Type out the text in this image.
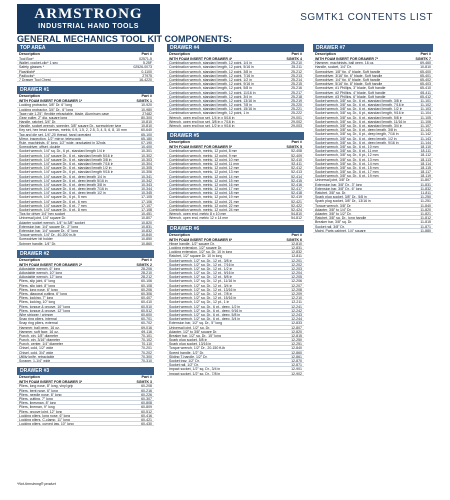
ARMSTRONG
INDUSTRIAL HAND TOOLS
SGMTK1 CONTENTS LIST
GENERAL MECHANICS TOOL KIT COMPONENTS:
TOP AREA
Description	Part #
Tool Box*	02571-5
Wallet, pocket-clip* 1 sec	5.25F
Safety glasses *	02526-0073
Flashlight*	0-1100
Padlocks*	27975
7 Drawer Tool Chest	16-4220
DRAWER #1
Description	Part #
WITH FOAM INSERT FOR DRAWER 1*	SGMTK 1
Locking protractor, 3/8" Dr. 6" long	10-920
Locking protractor, 3/4" Dr., 6" long	10-980
Tape rule 1.25", flexible retractable, blade, Aluminum case	27482
Gear puller, 2" dia. square long	80-300
Handle, ratchet, 3/4" Dr.	10-810
Handle, socket wrench, speeder, 3/8" square Dr., screwdriver type	10-810
Key set, hex head screws, metric, 0.9, 1.5, 2, 2.5, 3, 4, 5, 6, 8, 10 mm	60-640
Tap and die set, 1/4"-20 thread, hand operated	65-100
Mirror, inspection, 1/2" mirror, telescopic	65-180
Rule, machinists, 6" long, 1/2" wide, graduated in 32nds	07-190
Screwdriver, offset, double	10-400
Socket wrench, 1/4" sq. Dr., 6 pt., standard length 1/4 in	10-301
Socket wrench, 1/4" square Dr., 6 pt., standard length 5/16 in	10-302
Socket wrench, 1/4" square Dr., 6 pt., standard length 3/8 in	10-303
Socket wrench, 1/4" square Dr., 6 pt., standard length 7/16 in	10-304
Socket wrench, 1/4" square Dr., 6 pt., standard length 1/2 in	10-305
Socket wrench, 1/4" square Dr., 6 pt., standard length 9/16 in	10-306
Socket wrench, 1/4" square Dr., 6 pt., deep length 1/4 in	10-341
Socket wrench, 1/4" square Dr., 6 pt., deep length 5/16 in	10-342
Socket wrench, 1/4" square Dr., 6 pt., deep length 3/8 in	10-343
Socket wrench, 1/4" square Dr., 6 pt., deep length 7/16 in	10-344
Socket wrench, 1/4" square Dr., 6 pt., deep length 1/2 in	10-345
Socket wrench, 1/4" square Dr., 6 pt., 5 mm	17-105
Socket wrench, 1/4" square Dr., 6 pt., 6 mm	17-106
Socket wrench, 1/4" square Dr., 6 pt., 7 mm	17-107
Socket wrench, 1/4" square Dr., 6 pt., 8 mm	17-108
Tips for driver 1/4" hex socket	10-451
Universal joint, 1/4" square Dr.	10-807
Adapter socket wrench, 1/4" to 3/8" socket	10-820
Extension bar, 1/4" square Dr., 2" long	10-831
Extension bar, 1/4" square Dr., 6" long	10-832
Torque wrench, 1/4" Dr., 40-200 in-lb	10-840
Screwdriver bit holder	10-850
Spinner handle, 1/4" Dr.	10-860
DRAWER #2
Description	Part #
WITH FOAM INSERT FOR DRAWER 2*	SGMTK 2
Adjustable wrench, 6" long	28-206
Adjustable wrench, 10" long	28-210
Adjustable wrench, 12" long	28-212
Pliers, slip joint, 6" long	60-106
Pliers, slip joint, 8" long	60-108
Pliers, long nose, 6" long	60-206
Pliers, diagonal cutting, 6" long	60-306
Pliers, locking, 7" long	60-407
Pliers, locking, 10" long	60-410
Pliers, tongue & groove, 10" long	60-510
Pliers, tongue & groove, 12" long	60-512
Wire stripper / crimper	60-600
Snap ring pliers, internal	60-701
Snap ring pliers, external	60-702
Hammer, ball peen, 16 oz.	69-016
Hammer, soft face, 16 oz.	69-116
Punch, pin, 1/8" diameter	70-101
Punch, pin, 3/16" diameter	70-102
Punch, center, 1/4" diameter	70-110
Chisel, cold, 1/2" wide	70-201
Chisel, cold, 3/4" wide	70-202
Utility knife, retractable	70-300
Scraper, 1-1/4" wide	70-310
DRAWER #3
Description	Part #
WITH FOAM INSERT FOR DRAWER 3*	SGMTK 3
Pliers, long nose, 8" long, vinyl grip	60-208
Pliers, bent nose, 6" long	60-216
Pliers, needle nose, 6" long	60-226
Pliers, cutting, 7" long	60-307
Pliers, linesman, 8" long	60-808
Pliers, lineman, 9" long	60-809
Pliers, groove joint, 12" long	60-512
Locking pliers, long nose, 6" long	60-416
Locking pliers, C-clamp, 11" long	60-421
Locking pliers, curved jaw, 10" long	60-430
DRAWER #4
Description	Part #
WITH FOAM INSERT FOR DRAWER 4*	SGMTK 4
Combination wrench, standard length, 12 point, 1/4 in	25-210
Combination wrench, standard length, 12 point, 5/16 in	25-211
Combination wrench, standard length, 12 point, 3/8 in	25-212
Combination wrench, standard length, 12 point, 7/16 in	25-213
Combination wrench, standard length, 12 point, 1/2 in	25-214
Combination wrench, standard length, 12 point, 9/16 in	25-215
Combination wrench, standard length, 12 point, 5/8 in	25-216
Combination wrench, standard length, 12 point, 11/16 in	25-217
Combination wrench, standard length, 12 point, 3/4 in	25-218
Combination wrench, standard length, 12 point, 13/16 in	25-219
Combination wrench, standard length, 12 point, 7/8 in	25-220
Combination wrench, standard length, 12 point, 15/16 in	25-221
Combination wrench, standard length, 12 point, 1 in	25-222
Wrench, open end box set, 1/4 in x 5/16 in	29-001
Wrench, open end box set, 3/8 in x 7/16 in	29-002
Wrench, open end box set, 1/2 in x 9/16 in	29-003
DRAWER #5
Description	Part #
WITH FOAM INSERT FOR DRAWER 5*	SGMTK 5
Combination wrench, metric, 12 point, 8 mm	52-408
Combination wrench, metric, 12 point, 9 mm	52-409
Combination wrench, metric, 12 point, 10 mm	52-410
Combination wrench, metric, 12 point, 11 mm	52-411
Combination wrench, metric, 12 point, 12 mm	52-412
Combination wrench, metric, 12 point, 13 mm	52-413
Combination wrench, metric, 12 point, 14 mm	52-414
Combination wrench, metric, 12 point, 15 mm	52-415
Combination wrench, metric, 12 point, 16 mm	52-416
Combination wrench, metric, 12 point, 17 mm	52-417
Combination wrench, metric, 12 point, 18 mm	52-418
Combination wrench, metric, 12 point, 19 mm	52-419
Combination wrench, metric, 12 point, 21 mm	52-421
Combination wrench, metric, 12 point, 22 mm	52-422
Combination wrench, metric, 12 point, 24 mm	52-424
Wrench, open end, metric 8 x 10 mm	54-810
Wrench, open end, metric 12 x 14 mm	54-812
DRAWER #6
Description	Part #
WITH FOAM INSERT FOR DRAWER 6*	SGMTK 6
Hinge handle, 1/2" square Dr.	12-810
Locking extension, 1/2" square Dr.	12-831
Locking extension, 1/2" sq. Dr. 10 in long	12-832
Ratchet, 1/2" square Dr. 10 in long	12-811
Socket wrench, 1/2" sq. Dr., 12 pt., 3/8 in	12-201
Socket wrench, 1/2" sq. Dr., 12 pt., 7/16 in	12-202
Socket wrench, 1/2" sq. Dr., 12 pt., 1/2 in	12-203
Socket wrench, 1/2" sq. Dr., 12 pt., 9/16 in	12-204
Socket wrench, 1/2" sq. Dr., 12 pt., 5/8 in	12-205
Socket wrench, 1/2" sq. Dr., 12 pt., 11/16 in	12-206
Socket wrench, 1/2" sq. Dr., 12 pt., 3/4 in	12-207
Socket wrench, 1/2" sq. Dr., 12 pt., 13/16 in	12-208
Socket wrench, 1/2" sq. Dr., 12 pt., 7/8 in	12-209
Socket wrench, 1/2" sq. Dr., 12 pt., 15/16 in	12-210
Socket wrench, 1/2" sq. Dr., 12 pt., 1 in	12-211
Socket wrench, 1/2" sq. Dr., 6 pt., deep, 1/2 in	12-241
Socket wrench, 1/2" sq. Dr., 6 pt., deep, 9/16 in	12-242
Socket wrench, 1/2" sq. Dr., 6 pt., deep, 5/8 in	12-243
Socket wrench, 1/2" sq. Dr., 6 pt., deep, 3/4 in	12-244
Extension bar, 1/2" sq. Dr., 5" long	12-833
Universal joint, 1/2" sq. Dr.	12-807
Adapter, 1/2" to 3/8" square Dr.	12-820
Breaker bar, 1/2" sq. Dr., 15" long	12-815
Spark plug socket, 5/8 in	12-250
Spark plug socket, 13/16 in	12-251
Torque wrench, 1/2" Dr., 20-150 ft-lb	12-840
Speed handle, 1/2" Dr.	12-860
Sliding T-handle, 1/2" Dr.	12-861
Socket tray, 1/2" Dr.	12-870
Socket rail, 1/2" Dr.	12-871
Impact socket, 1/2" sq. Dr., 3/4 in	12-901
Impact socket, 1/2" sq. Dr., 7/8 in	12-902
DRAWER #7
Description	Part #
WITH FOAM INSERT FOR DRAWER 7*	SGMTK 7
Hammer, machinists, ball peen, 16 oz.	69-460
Handle, socket, 1/4" Dr.	10-810
Screwdriver, 1/8" tip, 4" blade, Soft handle	65-400
Screwdriver, 3/16" tip, 6" blade, Soft handle	65-401
Screwdriver, 1/4" tip, 6" blade, Soft handle	65-402
Screwdriver, 5/16" tip, 8" blade, Soft handle	65-403
Screwdriver, #1 Phillips, 3" blade, Soft handle	65-410
Screwdriver, #2 Phillips, 4" blade, Soft handle	65-411
Screwdriver, #3 Phillips, 6" blade, Soft handle	65-412
Socket wrench, 3/8" sq. Dr., 6 pt., standard length, 3/8 in	11-101
Socket wrench, 3/8" sq. Dr., 6 pt., standard length, 7/16 in	11-102
Socket wrench, 3/8" sq. Dr., 6 pt., standard length, 1/2 in	11-103
Socket wrench, 3/8" sq. Dr., 6 pt., standard length, 9/16 in	11-104
Socket wrench, 3/8" sq. Dr., 6 pt., standard length, 5/8 in	11-105
Socket wrench, 3/8" sq. Dr., 6 pt., standard length, 11/16 in	11-106
Socket wrench, 3/8" sq. Dr., 6 pt., standard length, 3/4 in	11-107
Socket wrench, 3/8" sq. Dr., 6 pt., deep length, 3/8 in	11-141
Socket wrench, 3/8" sq. Dr., 6 pt., deep length, 7/16 in	11-142
Socket wrench, 3/8" sq. Dr., 6 pt., deep length, 1/2 in	11-143
Socket wrench, 3/8" sq. Dr., 6 pt., deep length, 9/16 in	11-144
Socket wrench, 3/8" sq. Dr., 6 pt., 10 mm	18-110
Socket wrench, 3/8" sq. Dr., 6 pt., 11 mm	18-111
Socket wrench, 3/8" sq. Dr., 6 pt., 12 mm	18-112
Socket wrench, 3/8" sq. Dr., 6 pt., 13 mm	18-113
Socket wrench, 3/8" sq. Dr., 6 pt., 14 mm	18-114
Socket wrench, 3/8" sq. Dr., 6 pt., 15 mm	18-115
Socket wrench, 3/8" sq. Dr., 6 pt., 17 mm	18-117
Socket wrench, 3/8" sq. Dr., 6 pt., 19 mm	18-119
Universal joint, 3/8" Dr.	11-807
Extension bar, 3/8" Dr., 3" long	11-831
Extension bar, 3/8" Dr., 6" long	11-832
Ratchet, 3/8" sq. Dr.	11-811
Spark plug socket, 3/8" Dr., 5/8 in	11-250
Spark plug socket, 3/8" Dr., 13/16 in	11-251
Torque wrench, 3/8" Dr.	11-840
Adapter, 3/8" to 1/4" Dr.	11-820
Adapter, 3/8" to 1/2" Dr.	11-821
Ratchet, 3/8" sq. Dr., long handle	11-812
Breaker bar, 3/8" sq. Dr.	11-815
Socket rail, 3/8" Dr.	11-871
Maint. Parts cabinet, 1/4" square	11-880
*Not Armstrong® product
